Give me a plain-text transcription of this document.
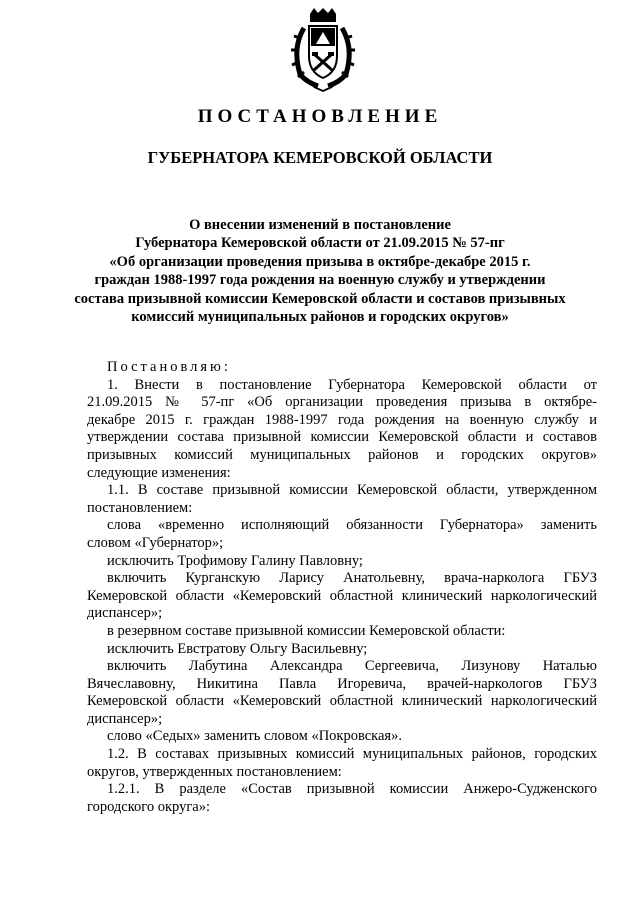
ПОСТАНОВЛЕНИЕ
ГУБЕРНАТОРА КЕМЕРОВСКОЙ ОБЛАСТИ
О внесении изменений в постановление
Губернатора Кемеровской области от 21.09.2015 № 57-пг
«Об организации проведения призыва в октябре-декабре 2015 г.
граждан 1988-1997 года рождения на военную службу и утверждении
состава призывной комиссии Кемеровской области и составов призывных
комиссий муниципальных районов и городских округов»
Постановляю:
1. Внести в постановление Губернатора Кемеровской области от
21.09.2015 № 57-пг «Об организации проведения призыва в октябре-
декабре 2015 г. граждан 1988-1997 года рождения на военную службу и
утверждении состава призывной комиссии Кемеровской области и составов
призывных комиссий муниципальных районов и городских округов»
следующие изменения:
1.1. В составе призывной комиссии Кемеровской области, утвержденном
постановлением:
слова «временно исполняющий обязанности Губернатора» заменить
словом «Губернатор»;
исключить Трофимову Галину Павловну;
включить Курганскую Ларису Анатольевну, врача-нарколога ГБУЗ
Кемеровской области «Кемеровский областной клинический наркологический
диспансер»;
в резервном составе призывной комиссии Кемеровской области:
исключить Евстратову Ольгу Васильевну;
включить Лабутина Александра Сергеевича, Лизунову Наталью
Вячеславовну, Никитина Павла Игоревича, врачей-наркологов ГБУЗ
Кемеровской области «Кемеровский областной клинический наркологический
диспансер»;
слово «Седых» заменить словом «Покровская».
1.2. В составах призывных комиссий муниципальных районов, городских
округов, утвержденных постановлением:
1.2.1. В разделе «Состав призывной комиссии Анжеро-Судженского
городского округа»:
